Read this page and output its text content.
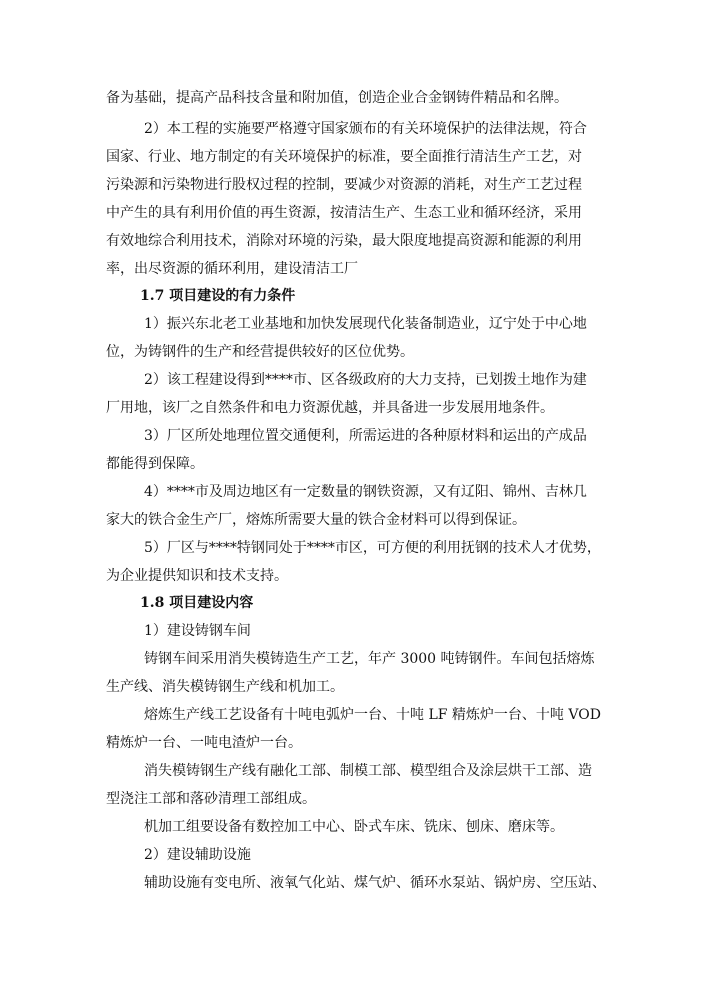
备为基础，提高产品科技含量和附加值，创造企业合金钢铸件精品和名牌。

2）本工程的实施要严格遵守国家颁布的有关环境保护的法律法规，符合

国家、行业、地方制定的有关环境保护的标准，要全面推行清洁生产工艺，对

污染源和污染物进行股权过程的控制，要减少对资源的消耗，对生产工艺过程

中产生的具有利用价值的再生资源，按清洁生产、生态工业和循环经济，采用

有效地综合利用技术，消除对环境的污染，最大限度地提高资源和能源的利用

率，出尽资源的循环利用，建设清洁工厂

1.7 项目建设的有力条件

1）振兴东北老工业基地和加快发展现代化装备制造业，辽宁处于中心地

位，为铸钢件的生产和经营提供较好的区位优势。

2）该工程建设得到****市、区各级政府的大力支持，已划拨土地作为建

厂用地，该厂之自然条件和电力资源优越，并具备进一步发展用地条件。

3）厂区所处地理位置交通便利，所需运进的各种原材料和运出的产成品

都能得到保障。

4）****市及周边地区有一定数量的钢铁资源，又有辽阳、锦州、吉林几

家大的铁合金生产厂，熔炼所需要大量的铁合金材料可以得到保证。

5）厂区与****特钢同处于****市区，可方便的利用抚钢的技术人才优势，

为企业提供知识和技术支持。

1.8 项目建设内容

1）建设铸钢车间

铸钢车间采用消失模铸造生产工艺，年产 3000 吨铸钢件。车间包括熔炼

生产线、消失模铸钢生产线和机加工。

熔炼生产线工艺设备有十吨电弧炉一台、十吨 LF 精炼炉一台、十吨 VOD

精炼炉一台、一吨电渣炉一台。

消失模铸钢生产线有融化工部、制模工部、模型组合及涂层烘干工部、造

型浇注工部和落砂清理工部组成。

机加工组要设备有数控加工中心、卧式车床、铣床、刨床、磨床等。

2）建设辅助设施

辅助设施有变电所、液氧气化站、煤气炉、循环水泵站、锅炉房、空压站、
